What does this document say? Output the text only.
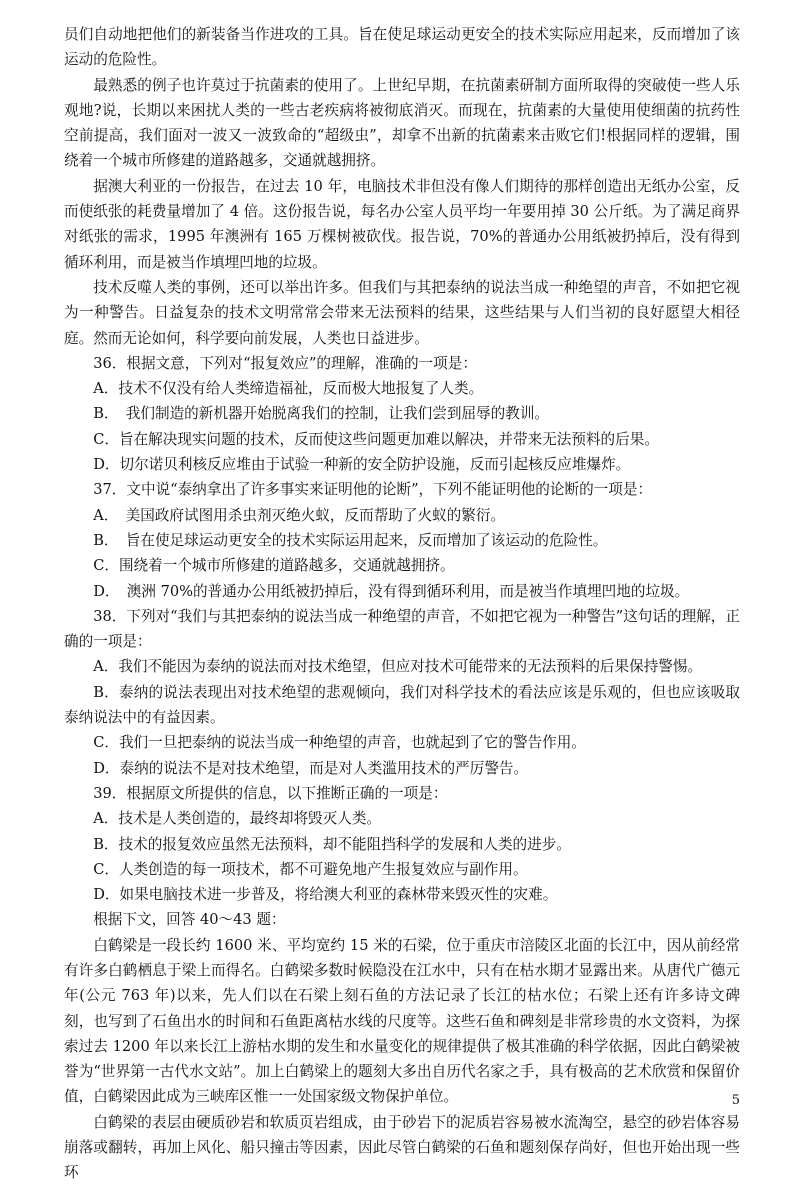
员们自动地把他们的新装备当作进攻的工具。旨在使足球运动更安全的技术实际应用起来，反而增加了该运动的危险性。

最熟悉的例子也许莫过于抗菌素的使用了。上世纪早期，在抗菌素研制方面所取得的突破使一些人乐观地?说，长期以来困扰人类的一些古老疾病将被彻底消灭。而现在，抗菌素的大量使用使细菌的抗药性空前提高，我们面对一波又一波致命的“超级虫”，却拿不出新的抗菌素来击败它们!根据同样的逻辑，围绕着一个城市所修建的道路越多，交通就越拥挤。

据澳大利亚的一份报告，在过去 10 年，电脑技术非但没有像人们期待的那样创造出无纸办公室，反而使纸张的耗费量增加了 4 倍。这份报告说，每名办公室人员平均一年要用掉 30 公斤纸。为了满足商界对纸张的需求，1995 年澳洲有 165 万棵树被砍伐。报告说，70%的普通办公用纸被扔掉后，没有得到循环利用，而是被当作填埋凹地的垃圾。

技术反噬人类的事例，还可以举出许多。但我们与其把泰纳的说法当成一种绝望的声音，不如把它视为一种警告。日益复杂的技术文明常常会带来无法预料的结果，这些结果与人们当初的良好愿望大相径庭。然而无论如何，科学要向前发展，人类也日益进步。

36．根据文意，下列对“报复效应”的理解，准确的一项是：

A．技术不仅没有给人类缔造福祉，反而极大地报复了人类。

B．　我们制造的新机器开始脱离我们的控制，让我们尝到屈辱的教训。

C．旨在解决现实问题的技术，反而使这些问题更加难以解决，并带来无法预料的后果。

D．切尔诺贝利核反应堆由于试验一种新的安全防护设施，反而引起核反应堆爆炸。

37．文中说“泰纳拿出了许多事实来证明他的论断”，下列不能证明他的论断的一项是：

A．　美国政府试图用杀虫剂灭绝火蚁，反而帮助了火蚁的繁衍。

B．　旨在使足球运动更安全的技术实际运用起来，反而增加了该运动的危险性。

C．围绕着一个城市所修建的道路越多，交通就越拥挤。

D．　澳洲 70%的普通办公用纸被扔掉后，没有得到循环利用，而是被当作填埋凹地的垃圾。

38．下列对“我们与其把泰纳的说法当成一种绝望的声音，不如把它视为一种警告”这句话的理解，正确的一项是：

A．我们不能因为泰纳的说法而对技术绝望，但应对技术可能带来的无法预料的后果保持警惕。

B．泰纳的说法表现出对技术绝望的悲观倾向，我们对科学技术的看法应该是乐观的，但也应该吸取泰纳说法中的有益因素。

C．我们一旦把泰纳的说法当成一种绝望的声音，也就起到了它的警告作用。

D．泰纳的说法不是对技术绝望，而是对人类滥用技术的严厉警告。

39．根据原文所提供的信息，以下推断正确的一项是：

A．技术是人类创造的，最终却将毁灭人类。

B．技术的报复效应虽然无法预料，却不能阻挡科学的发展和人类的进步。

C．人类创造的每一项技术，都不可避免地产生报复效应与副作用。

D．如果电脑技术进一步普及，将给澳大利亚的森林带来毁灭性的灾难。

根据下文，回答 40～43 题：

白鹤梁是一段长约 1600 米、平均宽约 15 米的石梁，位于重庆市涪陵区北面的长江中，因从前经常有许多白鹤栖息于梁上而得名。白鹤梁多数时候隐没在江水中，只有在枯水期才显露出来。从唐代广德元年(公元 763 年)以来，先人们以在石梁上刻石鱼的方法记录了长江的枯水位；石梁上还有许多诗文碑刻，也写到了石鱼出水的时间和石鱼距离枯水线的尺度等。这些石鱼和碑刻是非常珍贵的水文资料，为探索过去 1200 年以来长江上游枯水期的发生和水量变化的规律提供了极其准确的科学依据，因此白鹤梁被誉为“世界第一古代水文站”。加上白鹤梁上的题刻大多出自历代名家之手，具有极高的艺术欣赏和保留价值，白鹤梁因此成为三峡库区惟一一处国家级文物保护单位。

白鹤梁的表层由硬质砂岩和软质页岩组成，由于砂岩下的泥质岩容易被水流淘空，悬空的砂岩体容易崩落或翻转，再加上风化、船只撞击等因素，因此尽管白鹤梁的石鱼和题刻保存尚好，但也开始出现一些环

5
